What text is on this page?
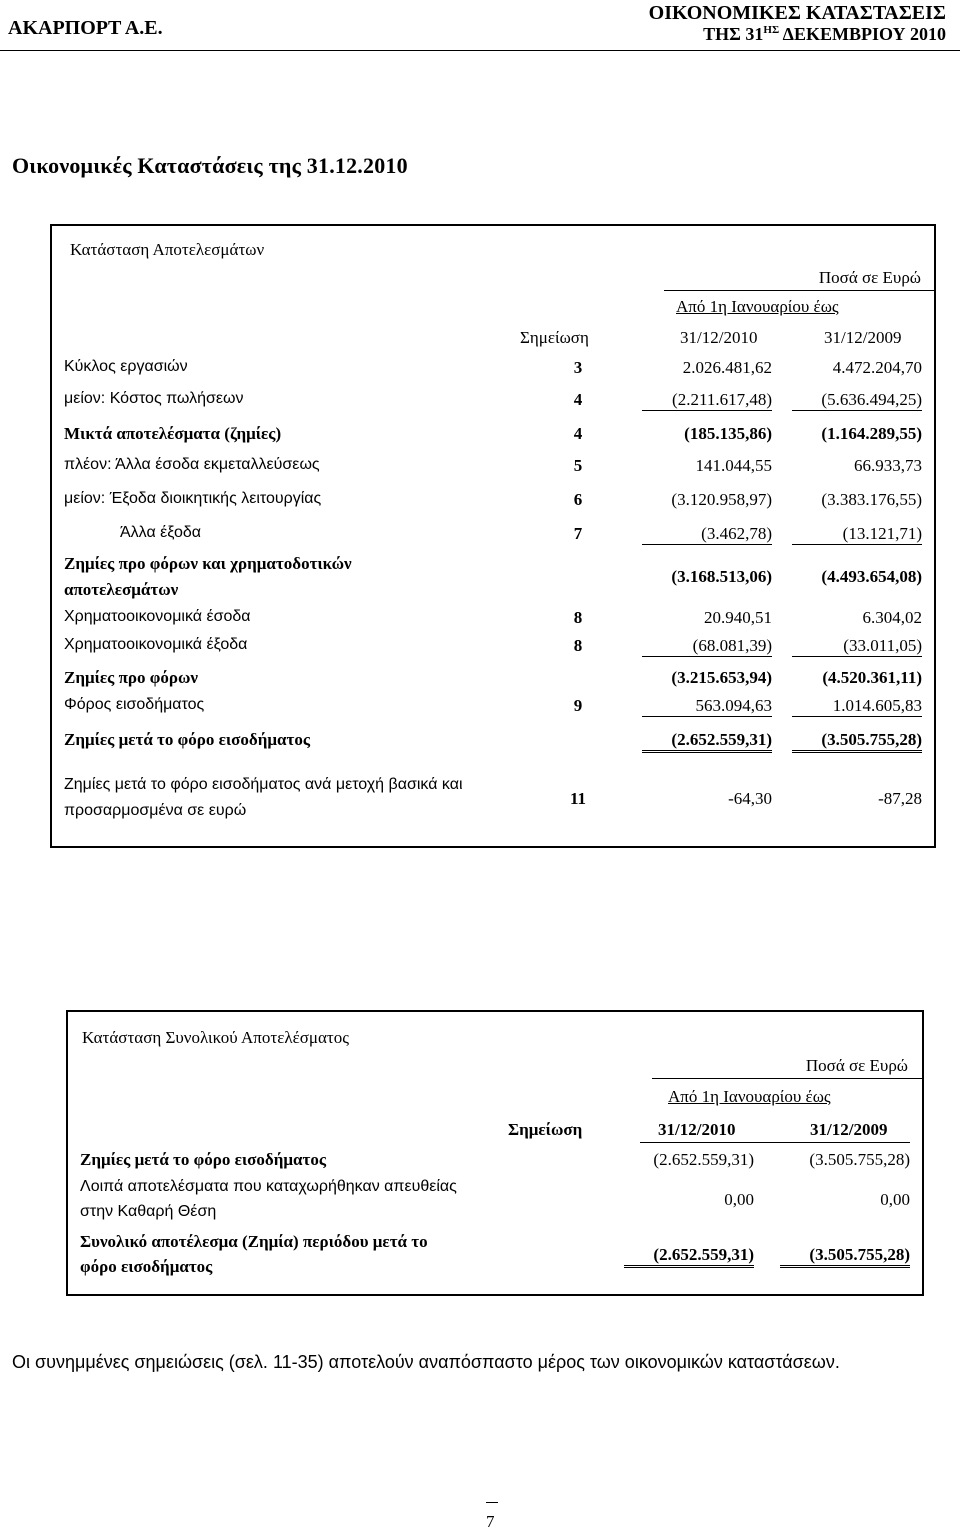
ΑΚΑΡΠΟΡΤ Α.Ε.
ΟΙΚΟΝΟΜΙΚΕΣ ΚΑΤΑΣΤΑΣΕΙΣ
ΤΗΣ $31^{H\Sigma}$ ΔΕΚΕΜΒΡΙΟΥ 2010
Οικονομικές Καταστάσεις της 31.12.2010
Κατάσταση Αποτελεσμάτων
Ποσά σε Ευρώ
Από 1η Ιανουαρίου έως
Σημείωση	31/12/2010	31/12/2009
Κύκλος εργασιών	3	2.026.481,62	4.472.204,70
μείον: Κόστος πωλήσεων	4	(2.211.617,48)	(5.636.494,25)
Μικτά αποτελέσματα (ζημίες)	4	(185.135,86)	(1.164.289,55)
πλέον: Άλλα έσοδα εκμεταλλεύσεως	5	141.044,55	66.933,73
μείον: Έξοδα διοικητικής λειτουργίας	6	(3.120.958,97)	(3.383.176,55)
Άλλα έξοδα	7	(3.462,78)	(13.121,71)
Ζημίες προ φόρων και χρηματοδοτικών
αποτελεσμάτων
(3.168.513,06)	(4.493.654,08)
Χρηματοοικονομικά έσοδα	8	20.940,51	6.304,02
Χρηματοοικονομικά έξοδα	8	(68.081,39)	(33.011,05)
Ζημίες προ φόρων	(3.215.653,94)	(4.520.361,11)
Φόρος εισοδήματος	9	563.094,63	1.014.605,83
Ζημίες μετά το φόρο εισοδήματος	(2.652.559,31)	(3.505.755,28)
Ζημίες μετά το φόρο εισοδήματος ανά μετοχή βασικά και
προσαρμοσμένα σε ευρώ
11	-64,30	-87,28
Κατάσταση Συνολικού Αποτελέσματος
Ποσά σε Ευρώ
Από 1η Ιανουαρίου έως
Σημείωση	31/12/2010	31/12/2009
Ζημίες μετά το φόρο εισοδήματος	(2.652.559,31)	(3.505.755,28)
Λοιπά αποτελέσματα που καταχωρήθηκαν απευθείας
στην Καθαρή Θέση
0,00	0,00
Συνολικό αποτέλεσμα (Ζημία) περιόδου μετά το
φόρο εισοδήματος
(2.652.559,31)	(3.505.755,28)
Οι συνημμένες σημειώσεις (σελ. 11-35) αποτελούν αναπόσπαστο μέρος των οικονομικών καταστάσεων.
7
